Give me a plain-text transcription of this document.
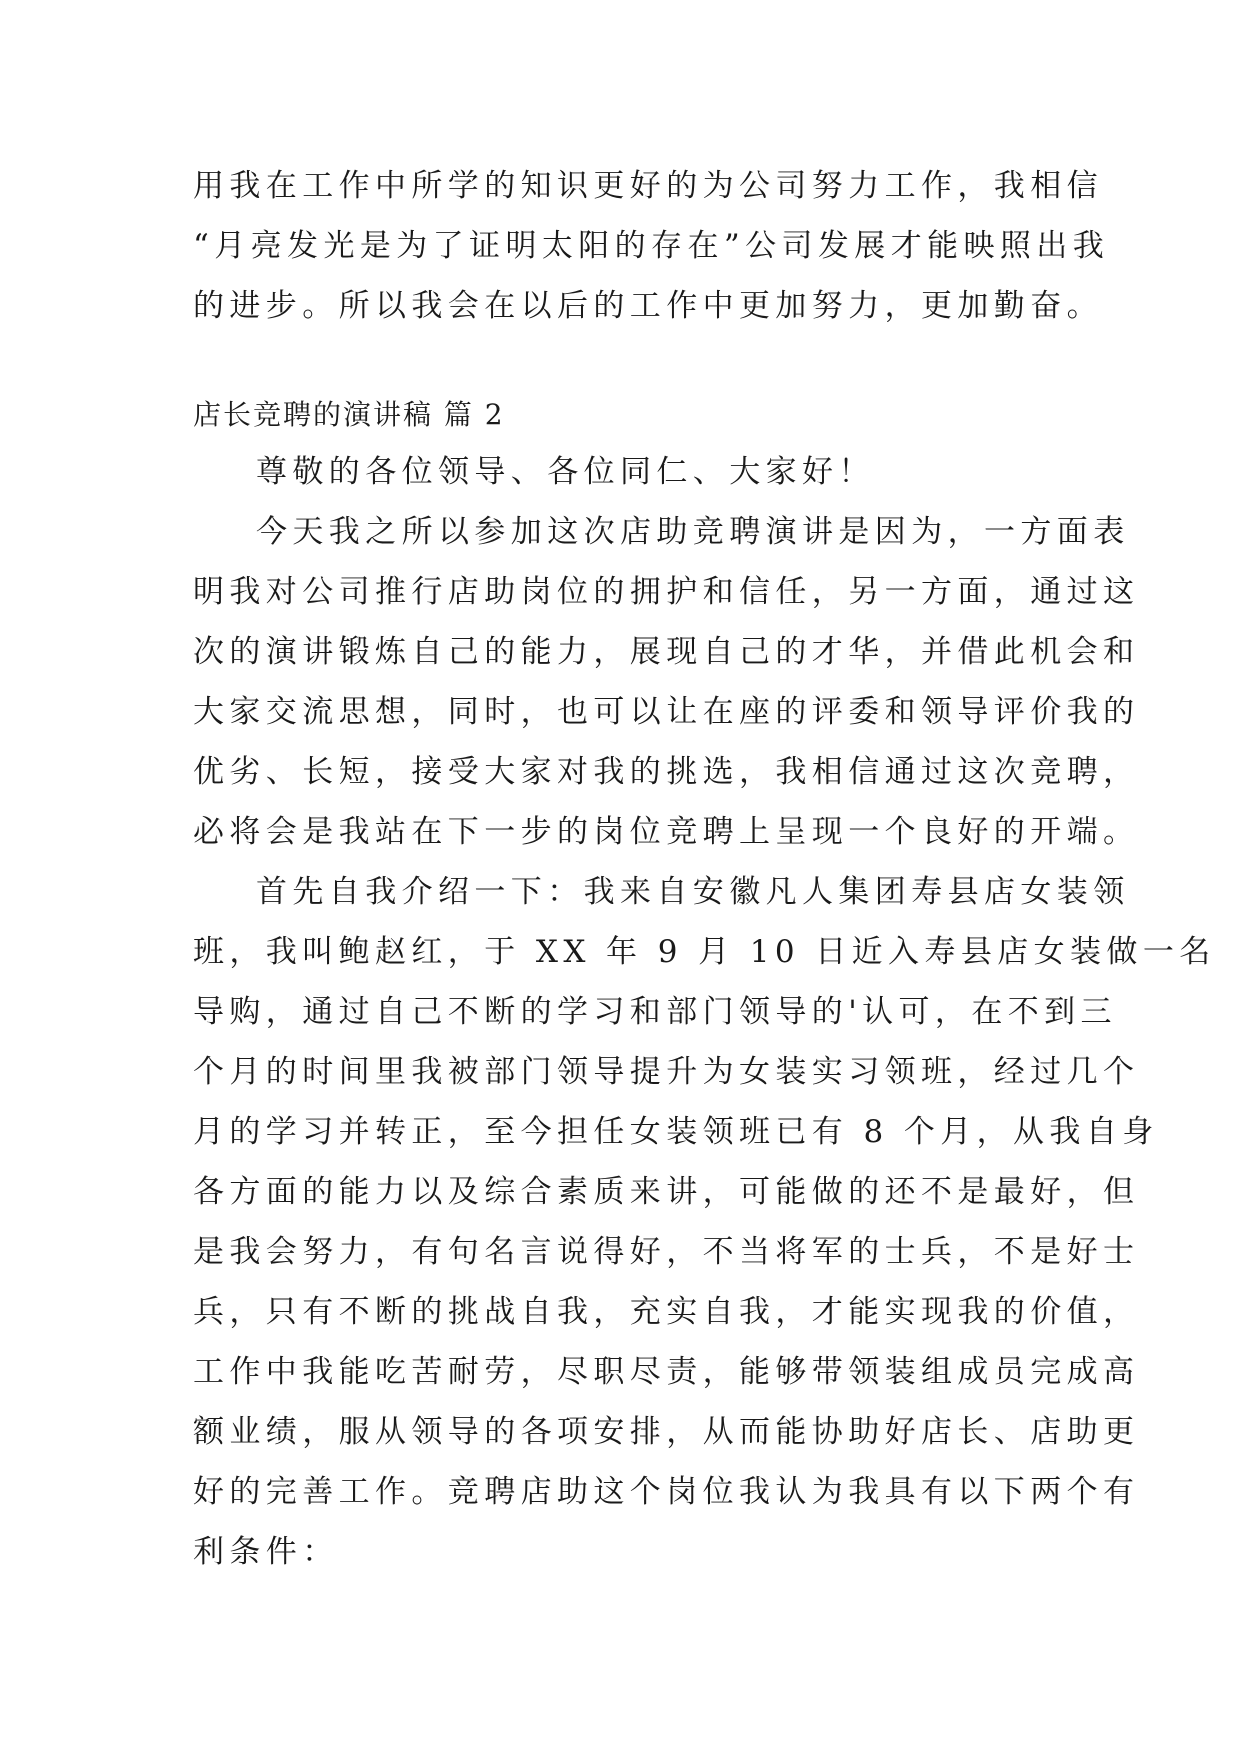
用我在工作中所学的知识更好的为公司努力工作，我相信
“月亮发光是为了证明太阳的存在”公司发展才能映照出我
的进步。所以我会在以后的工作中更加努力，更加勤奋。
店长竞聘的演讲稿 篇 2
尊敬的各位领导、各位同仁、大家好！
今天我之所以参加这次店助竞聘演讲是因为，一方面表
明我对公司推行店助岗位的拥护和信任，另一方面，通过这
次的演讲锻炼自己的能力，展现自己的才华，并借此机会和
大家交流思想，同时，也可以让在座的评委和领导评价我的
优劣、长短，接受大家对我的挑选，我相信通过这次竞聘，
必将会是我站在下一步的岗位竞聘上呈现一个良好的开端。
首先自我介绍一下：我来自安徽凡人集团寿县店女装领
班，我叫鲍赵红，于 XX 年 9 月 10 日近入寿县店女装做一名
导购，通过自己不断的学习和部门领导的'认可，在不到三
个月的时间里我被部门领导提升为女装实习领班，经过几个
月的学习并转正，至今担任女装领班已有 8 个月，从我自身
各方面的能力以及综合素质来讲，可能做的还不是最好，但
是我会努力，有句名言说得好，不当将军的士兵，不是好士
兵，只有不断的挑战自我，充实自我，才能实现我的价值，
工作中我能吃苦耐劳，尽职尽责，能够带领装组成员完成高
额业绩，服从领导的各项安排，从而能协助好店长、店助更
好的完善工作。竞聘店助这个岗位我认为我具有以下两个有
利条件：
